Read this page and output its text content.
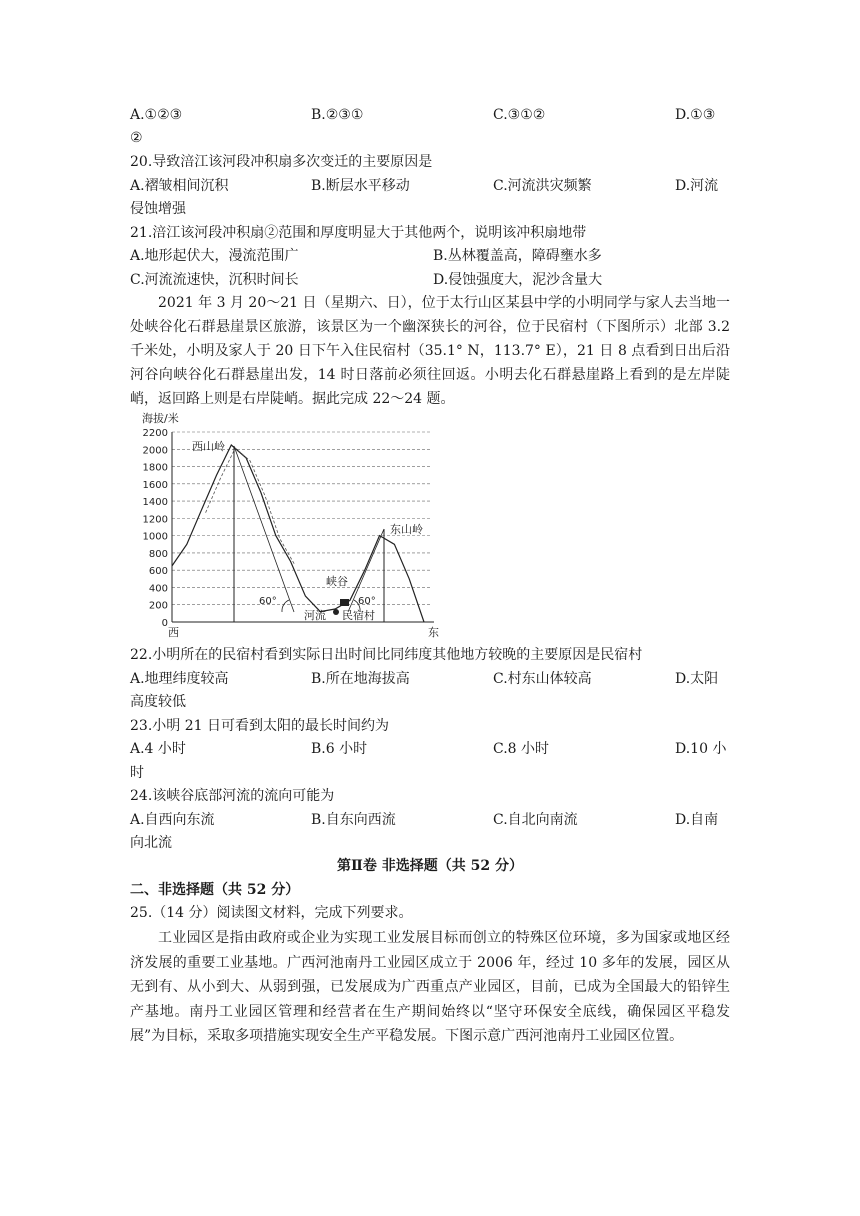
A.①②③	B.②③①	C.③①②	D.①③
②
20.导致涪江该河段冲积扇多次变迁的主要原因是
A.褶皱相间沉积	B.断层水平移动	C.河流洪灾频繁	D.河流
侵蚀增强
21.涪江该河段冲积扇②范围和厚度明显大于其他两个，说明该冲积扇地带
A.地形起伏大，漫流范围广	B.丛林覆盖高，障碍壅水多
C.河流流速快，沉积时间长	D.侵蚀强度大，泥沙含量大
2021 年 3 月 20～21 日（星期六、日），位于太行山区某县中学的小明同学与家人去当地一处峡谷化石群悬崖景区旅游，该景区为一个幽深狭长的河谷，位于民宿村（下图所示）北部 3.2 千米处，小明及家人于 20 日下午入住民宿村（35.1° N，113.7° E），21 日 8 点看到日出后沿河谷向峡谷化石群悬崖出发，14 时日落前必须往回返。小明去化石群悬崖路上看到的是左岸陡峭，返回路上则是右岸陡峭。据此完成 22～24 题。
海拔/米
0
200
400
600
800
1000
1200
1400
1600
1800
2000
2200
西山岭
东山岭
峡谷
河流 民宿村
60°	60°
西	东
22.小明所在的民宿村看到实际日出时间比同纬度其他地方较晚的主要原因是民宿村
A.地理纬度较高	B.所在地海拔高	C.村东山体较高	D.太阳
高度较低
23.小明 21 日可看到太阳的最长时间约为
A.4 小时	B.6 小时	C.8 小时	D.10 小
时
24.该峡谷底部河流的流向可能为
A.自西向东流	B.自东向西流	C.自北向南流	D.自南
向北流
第Ⅱ卷 非选择题（共 52 分）
二、非选择题（共 52 分）
25.（14 分）阅读图文材料，完成下列要求。
工业园区是指由政府或企业为实现工业发展目标而创立的特殊区位环境，多为国家或地区经济发展的重要工业基地。广西河池南丹工业园区成立于 2006 年，经过 10 多年的发展，园区从无到有、从小到大、从弱到强，已发展成为广西重点产业园区，目前，已成为全国最大的铅锌生产基地。南丹工业园区管理和经营者在生产期间始终以“坚守环保安全底线，确保园区平稳发展”为目标，采取多项措施实现安全生产平稳发展。下图示意广西河池南丹工业园区位置。
